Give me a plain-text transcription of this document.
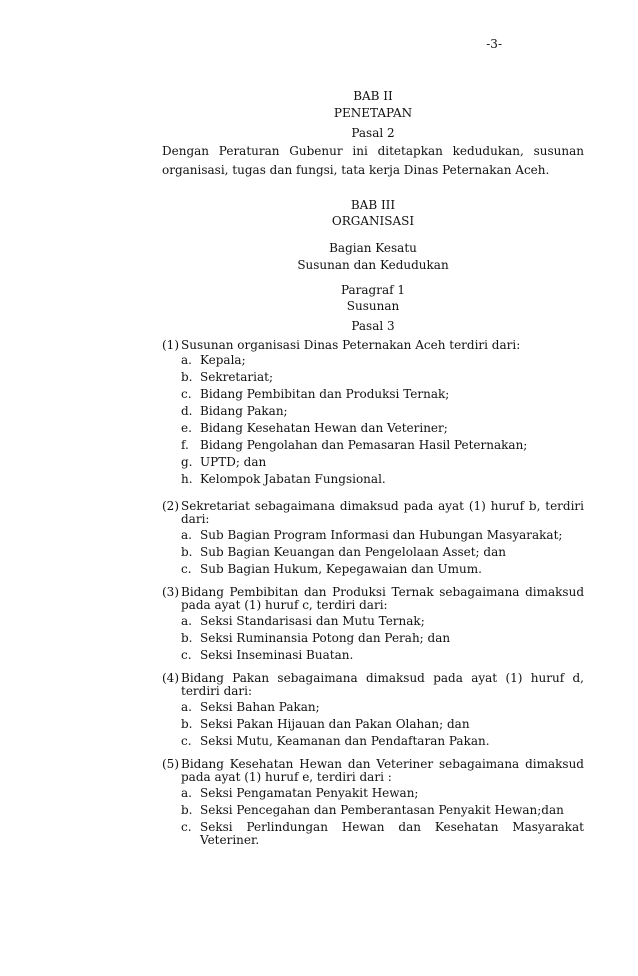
-3-
BAB II
PENETAPAN
Pasal 2
Dengan Peraturan Gubenur ini ditetapkan kedudukan, susunan organisasi, tugas dan fungsi, tata kerja Dinas Peternakan Aceh.
BAB III
ORGANISASI
Bagian Kesatu
Susunan dan Kedudukan
Paragraf 1
Susunan
Pasal 3
(1) Susunan organisasi Dinas Peternakan Aceh terdiri dari:
a. Kepala;
b. Sekretariat;
c. Bidang Pembibitan dan Produksi Ternak;
d. Bidang Pakan;
e. Bidang Kesehatan Hewan dan Veteriner;
f. Bidang Pengolahan dan Pemasaran Hasil Peternakan;
g. UPTD; dan
h. Kelompok Jabatan Fungsional.
(2) Sekretariat sebagaimana dimaksud pada ayat (1) huruf b, terdiri dari:
a. Sub Bagian Program Informasi dan Hubungan Masyarakat;
b. Sub Bagian Keuangan dan Pengelolaan Asset; dan
c. Sub Bagian Hukum, Kepegawaian dan Umum.
(3) Bidang Pembibitan dan Produksi Ternak sebagaimana dimaksud pada ayat (1) huruf c, terdiri dari:
a. Seksi Standarisasi dan Mutu Ternak;
b. Seksi Ruminansia Potong dan Perah; dan
c. Seksi Inseminasi Buatan.
(4) Bidang Pakan sebagaimana dimaksud pada ayat (1) huruf d, terdiri dari:
a. Seksi Bahan Pakan;
b. Seksi Pakan Hijauan dan Pakan Olahan; dan
c. Seksi Mutu, Keamanan dan Pendaftaran Pakan.
(5) Bidang Kesehatan Hewan dan Veteriner sebagaimana dimaksud pada ayat (1) huruf e, terdiri dari :
a. Seksi Pengamatan Penyakit Hewan;
b. Seksi Pencegahan dan Pemberantasan Penyakit Hewan;dan
c. Seksi Perlindungan Hewan dan Kesehatan Masyarakat Veteriner.
